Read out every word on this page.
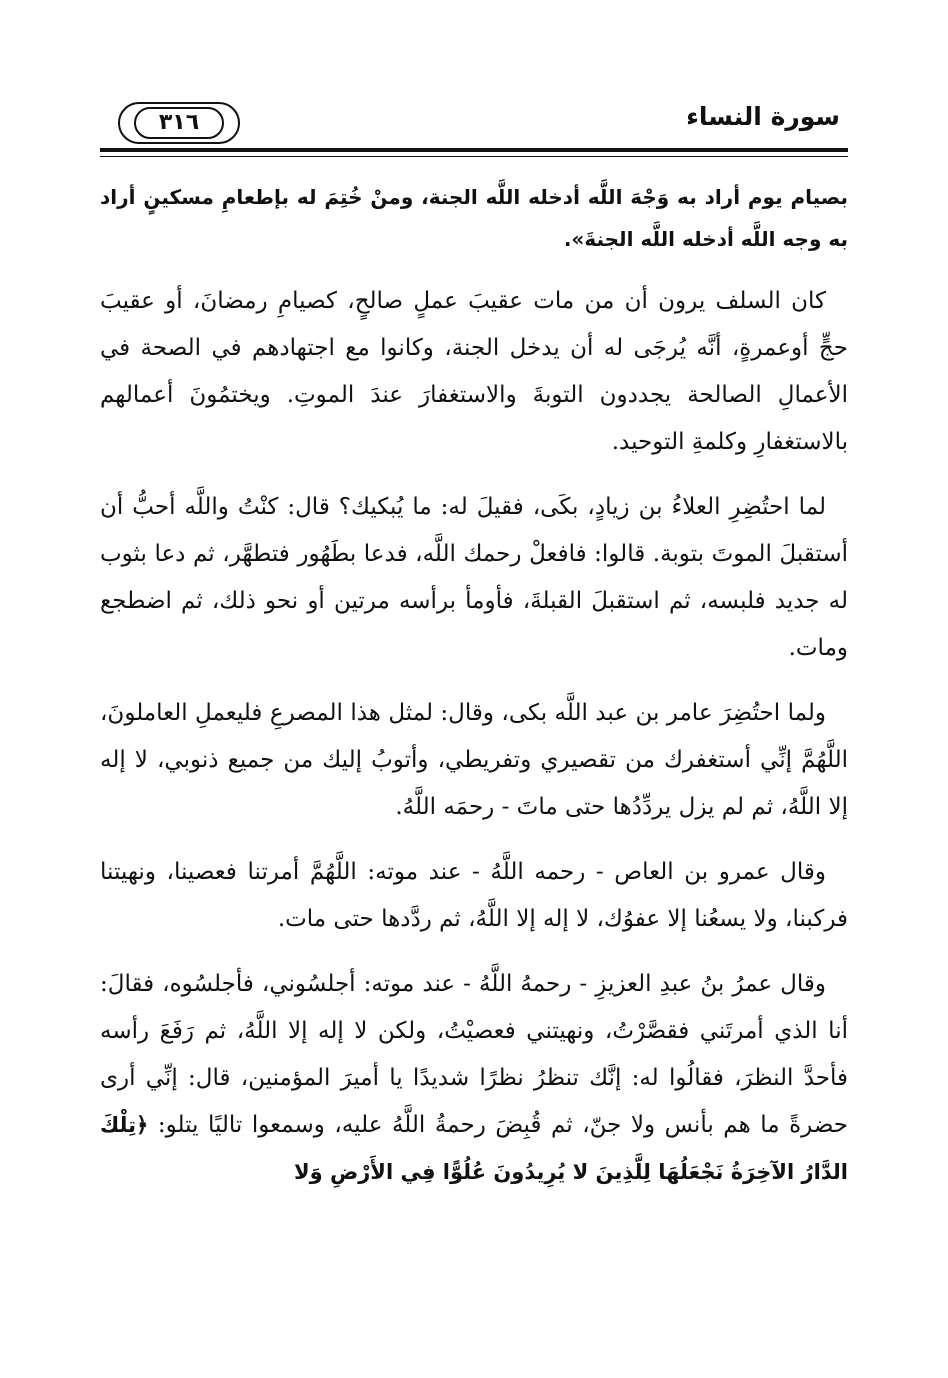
٣١٦	سورة النساء

بصيام يوم أراد به وَجْهَ اللَّه أدخله اللَّه الجنة، ومنْ خُتِمَ له بإطعامِ مسكينٍ أراد به وجه اللَّه أدخله اللَّه الجنةَ».

كان السلف يرون أن من مات عقيبَ عملٍ صالحٍ، كصيامِ رمضانَ، أو عقيبَ حجٍّ أوعمرةٍ، أنَّه يُرجَى له أن يدخل الجنة، وكانوا مع اجتهادهم في الصحة في الأعمالِ الصالحة يجددون التوبةَ والاستغفارَ عندَ الموتِ. ويختمُونَ أعمالهم بالاستغفارِ وكلمةِ التوحيد.

لما احتُضِرِ العلاءُ بن زيادٍ، بكَى، فقيلَ له: ما يُبكيك؟ قال: كنْتُ واللَّه أحبُّ أن أستقبلَ الموتَ بتوبة. قالوا: فافعلْ رحمك اللَّه، فدعا بطَهُور فتطهَّر، ثم دعا بثوب له جديد فلبسه، ثم استقبلَ القبلةَ، فأومأ برأسه مرتين أو نحو ذلك، ثم اضطجع ومات.

ولما احتُضِرَ عامر بن عبد اللَّه بكى، وقال: لمثل هذا المصرعِ فليعملِ العاملونَ، اللَّهُمَّ إنِّي أستغفرك من تقصيري وتفريطي، وأتوبُ إليك من جميع ذنوبي، لا إله إلا اللَّهُ، ثم لم يزل يردِّدُها حتى ماتَ - رحمَه اللَّهُ.

وقال عمرو بن العاص - رحمه اللَّهُ - عند موته: اللَّهُمَّ أمرتنا فعصينا، ونهيتنا فركبنا، ولا يسعُنا إلا عفوُك، لا إله إلا اللَّهُ، ثم ردَّدها حتى مات.

وقال عمرُ بنُ عبدِ العزيزِ - رحمهُ اللَّهُ - عند موته: أجلسُوني، فأجلسُوه، فقالَ: أنا الذي أمرتَني فقصَّرْتُ، ونهيتني فعصيْتُ، ولكن لا إله إلا اللَّهُ، ثم رَفَعَ رأسه فأحدَّ النظرَ، فقالُوا له: إنَّك تنظرُ نظرًا شديدًا يا أميرَ المؤمنين، قال: إنِّي أرى حضرةً ما هم بأنس ولا جنّ، ثم قُبِضَ رحمةُ اللَّهُ عليه، وسمعوا تاليًا يتلو: ﴿تِلْكَ الدَّارُ الآخِرَةُ نَجْعَلُهَا لِلَّذِينَ لا يُرِيدُونَ عُلُوًّا فِي الأَرْضِ وَلا
